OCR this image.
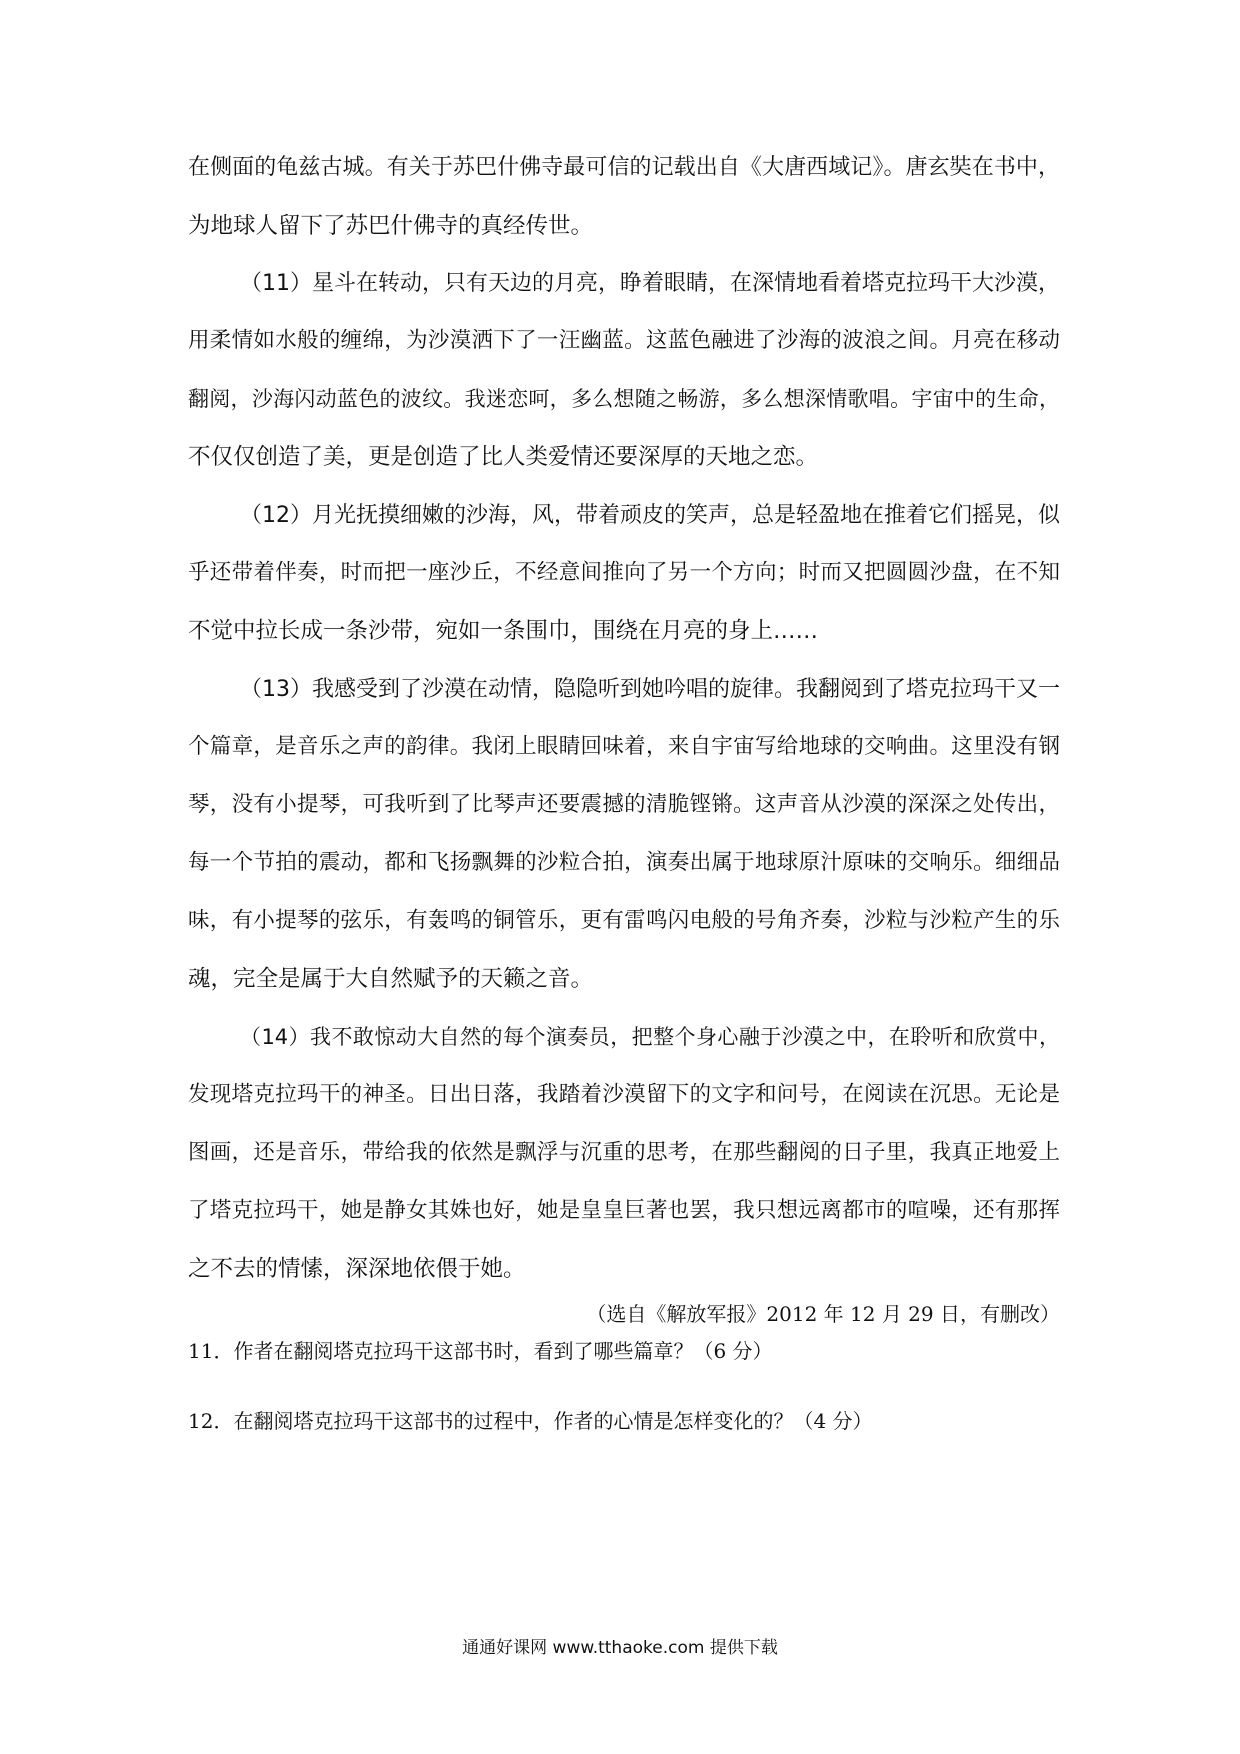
在侧面的龟兹古城。有关于苏巴什佛寺最可信的记载出自《大唐西域记》。唐玄奘在书中，
为地球人留下了苏巴什佛寺的真经传世。
（11）星斗在转动，只有天边的月亮，睁着眼睛，在深情地看着塔克拉玛干大沙漠，
用柔情如水般的缠绵，为沙漠洒下了一汪幽蓝。这蓝色融进了沙海的波浪之间。月亮在移动
翻阅，沙海闪动蓝色的波纹。我迷恋呵，多么想随之畅游，多么想深情歌唱。宇宙中的生命，
不仅仅创造了美，更是创造了比人类爱情还要深厚的天地之恋。
（12）月光抚摸细嫩的沙海，风，带着顽皮的笑声，总是轻盈地在推着它们摇晃，似
乎还带着伴奏，时而把一座沙丘，不经意间推向了另一个方向；时而又把圆圆沙盘，在不知
不觉中拉长成一条沙带，宛如一条围巾，围绕在月亮的身上……
（13）我感受到了沙漠在动情，隐隐听到她吟唱的旋律。我翻阅到了塔克拉玛干又一
个篇章，是音乐之声的韵律。我闭上眼睛回味着，来自宇宙写给地球的交响曲。这里没有钢
琴，没有小提琴，可我听到了比琴声还要震撼的清脆铿锵。这声音从沙漠的深深之处传出，
每一个节拍的震动，都和飞扬飘舞的沙粒合拍，演奏出属于地球原汁原味的交响乐。细细品
味，有小提琴的弦乐，有轰鸣的铜管乐，更有雷鸣闪电般的号角齐奏，沙粒与沙粒产生的乐
魂，完全是属于大自然赋予的天籁之音。
（14）我不敢惊动大自然的每个演奏员，把整个身心融于沙漠之中，在聆听和欣赏中，
发现塔克拉玛干的神圣。日出日落，我踏着沙漠留下的文字和问号，在阅读在沉思。无论是
图画，还是音乐，带给我的依然是飘浮与沉重的思考，在那些翻阅的日子里，我真正地爱上
了塔克拉玛干，她是静女其姝也好，她是皇皇巨著也罢，我只想远离都市的喧噪，还有那挥
之不去的情愫，深深地依偎于她。
（选自《解放军报》2012 年 12 月 29 日，有删改）
11．作者在翻阅塔克拉玛干这部书时，看到了哪些篇章？（6 分）
12．在翻阅塔克拉玛干这部书的过程中，作者的心情是怎样变化的？（4 分）
通通好课网 www.tthaoke.com 提供下载
